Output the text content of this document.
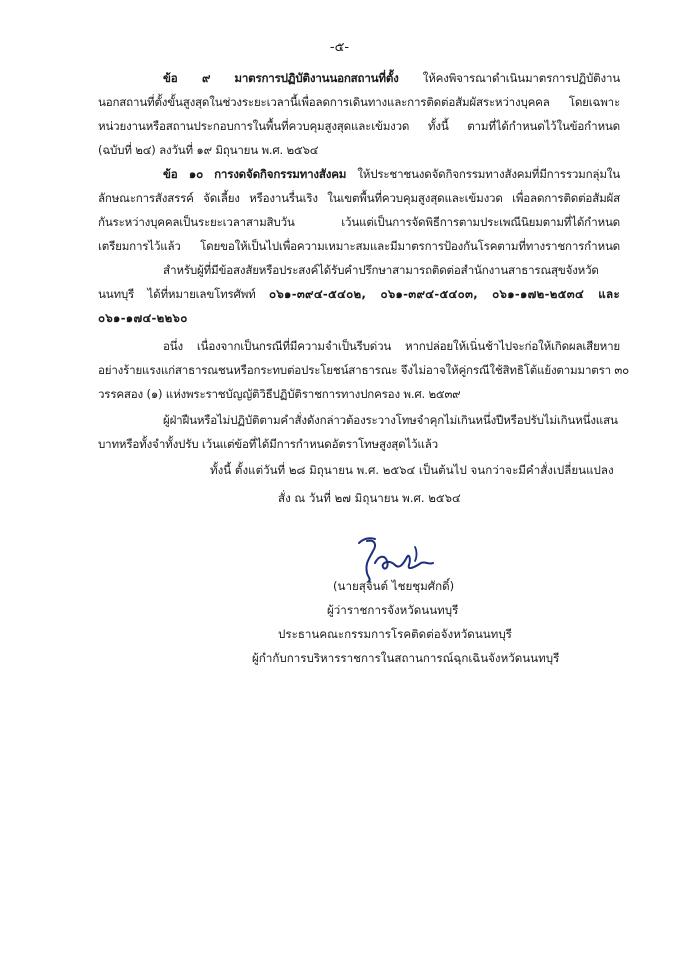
-๕-
ข้อ ๙ มาตรการปฏิบัติงานนอกสถานที่ตั้ง ให้คงพิจารณาดำเนินมาตรการปฏิบัติงาน
นอกสถานที่ตั้งขั้นสูงสุดในช่วงระยะเวลานี้เพื่อลดการเดินทางและการติดต่อสัมผัสระหว่างบุคคล โดยเฉพาะ
หน่วยงานหรือสถานประกอบการในพื้นที่ควบคุมสูงสุดและเข้มงวด ทั้งนี้ ตามที่ได้กำหนดไว้ในข้อกำหนด
(ฉบับที่ ๒๔) ลงวันที่ ๑๙ มิถุนายน พ.ศ. ๒๕๖๔
ข้อ ๑๐ การงดจัดกิจกรรมทางสังคม ให้ประชาชนงดจัดกิจกรรมทางสังคมที่มีการรวมกลุ่มใน
ลักษณะการสังสรรค์ จัดเลี้ยง หรืองานรื่นเริง ในเขตพื้นที่ควบคุมสูงสุดและเข้มงวด เพื่อลดการติดต่อสัมผัส
กันระหว่างบุคคลเป็นระยะเวลาสามสิบวัน เว้นแต่เป็นการจัดพิธีการตามประเพณีนิยมตามที่ได้กำหนด
เตรียมการไว้แล้ว โดยขอให้เป็นไปเพื่อความเหมาะสมและมีมาตรการป้องกันโรคตามที่ทางราชการกำหนด
สำหรับผู้ที่มีข้อสงสัยหรือประสงค์ได้รับคำปรึกษาสามารถติดต่อสำนักงานสาธารณสุขจังหวัด
นนทบุรี ได้ที่หมายเลขโทรศัพท์ ๐๖๑-๓๙๔-๕๔๐๒, ๐๖๑-๓๙๔-๕๔๐๓, ๐๖๑-๑๗๒-๒๕๓๔ และ
๐๖๑-๑๗๔-๒๒๖๐
อนึ่ง เนื่องจากเป็นกรณีที่มีความจำเป็นรีบด่วน หากปล่อยให้เนิ่นช้าไปจะก่อให้เกิดผลเสียหาย
อย่างร้ายแรงแก่สาธารณชนหรือกระทบต่อประโยชน์สาธารณะ จึงไม่อาจให้คู่กรณีใช้สิทธิโต้แย้งตามมาตรา ๓๐
วรรคสอง (๑) แห่งพระราชบัญญัติวิธีปฏิบัติราชการทางปกครอง พ.ศ. ๒๕๓๙
ผู้ฝ่าฝืนหรือไม่ปฏิบัติตามคำสั่งดังกล่าวต้องระวางโทษจำคุกไม่เกินหนึ่งปีหรือปรับไม่เกินหนึ่งแสน
บาทหรือทั้งจำทั้งปรับ เว้นแต่ข้อที่ได้มีการกำหนดอัตราโทษสูงสุดไว้แล้ว
ทั้งนี้ ตั้งแต่วันที่ ๒๘ มิถุนายน พ.ศ. ๒๕๖๔ เป็นต้นไป จนกว่าจะมีคำสั่งเปลี่ยนแปลง
สั่ง ณ วันที่ ๒๗ มิถุนายน พ.ศ. ๒๕๖๔
(นายสุจินต์ ไชยชุมศักดิ์)
ผู้ว่าราชการจังหวัดนนทบุรี
ประธานคณะกรรมการโรคติดต่อจังหวัดนนทบุรี
ผู้กำกับการบริหารราชการในสถานการณ์ฉุกเฉินจังหวัดนนทบุรี
